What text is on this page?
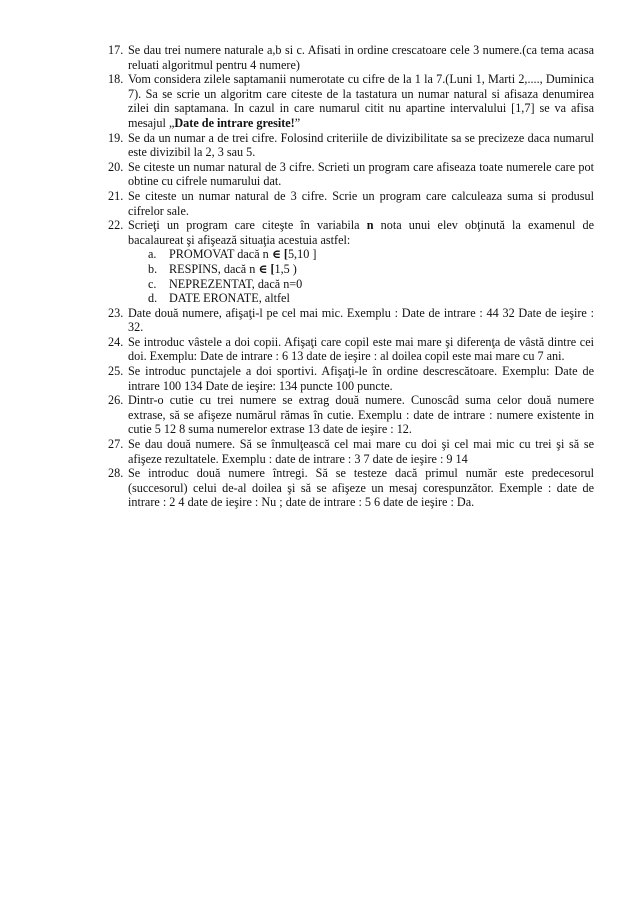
17. Se dau trei numere naturale a,b si c. Afisati in ordine crescatoare cele 3 numere.(ca tema acasa reluati algoritmul pentru 4 numere)
18. Vom considera zilele saptamanii numerotate cu cifre de la 1 la 7.(Luni 1, Marti 2,...., Duminica 7). Sa se scrie un algoritm care citeste de la tastatura un numar natural si afisaza denumirea zilei din saptamana. In cazul in care numarul citit nu apartine intervalului [1,7] se va afisa mesajul „Date de intrare gresite!”
19. Se da un numar a de trei cifre. Folosind criteriile de divizibilitate sa se precizeze daca numarul este divizibil la 2, 3 sau 5.
20. Se citeste un numar natural de 3 cifre. Scrieti un program care afiseaza toate numerele care pot obtine cu cifrele numarului dat.
21. Se citeste un numar natural de 3 cifre. Scrie un program care calculeaza suma si produsul cifrelor sale.
22. Scrieţi un program care citeşte în variabila n nota unui elev obţinută la examenul de bacalaureat şi afişează situaţia acestuia astfel:
a. PROMOVAT dacă n ∈ [5,10 ]
b. RESPINS, dacă n ∈ [1,5 )
c. NEPREZENTAT, dacă n=0
d. DATE ERONATE, altfel
23. Date două numere, afişaţi-l pe cel mai mic. Exemplu : Date de intrare : 44 32 Date de ieşire : 32.
24. Se introduc vâstele a doi copii. Afişaţi care copil este mai mare şi diferenţa de vâstă dintre cei doi. Exemplu: Date de intrare : 6 13 date de ieşire : al doilea copil este mai mare cu 7 ani.
25. Se introduc punctajele a doi sportivi. Afişaţi-le în ordine descrescătoare. Exemplu: Date de intrare 100 134 Date de ieşire: 134 puncte 100 puncte.
26. Dintr-o cutie cu trei numere se extrag două numere. Cunoscâd suma celor două numere extrase, să se afişeze numărul rămas în cutie. Exemplu : date de intrare : numere existente in cutie 5 12 8 suma numerelor extrase 13 date de ieşire : 12.
27. Se dau două numere. Să se înmulţească cel mai mare cu doi şi cel mai mic cu trei şi să se afişeze rezultatele. Exemplu : date de intrare : 3 7 date de ieşire : 9 14
28. Se introduc două numere întregi. Să se testeze dacă primul număr este predecesorul (succesorul) celui de-al doilea şi să se afişeze un mesaj corespunzător. Exemple : date de intrare : 2 4 date de ieşire : Nu ; date de intrare : 5 6 date de ieşire : Da.
